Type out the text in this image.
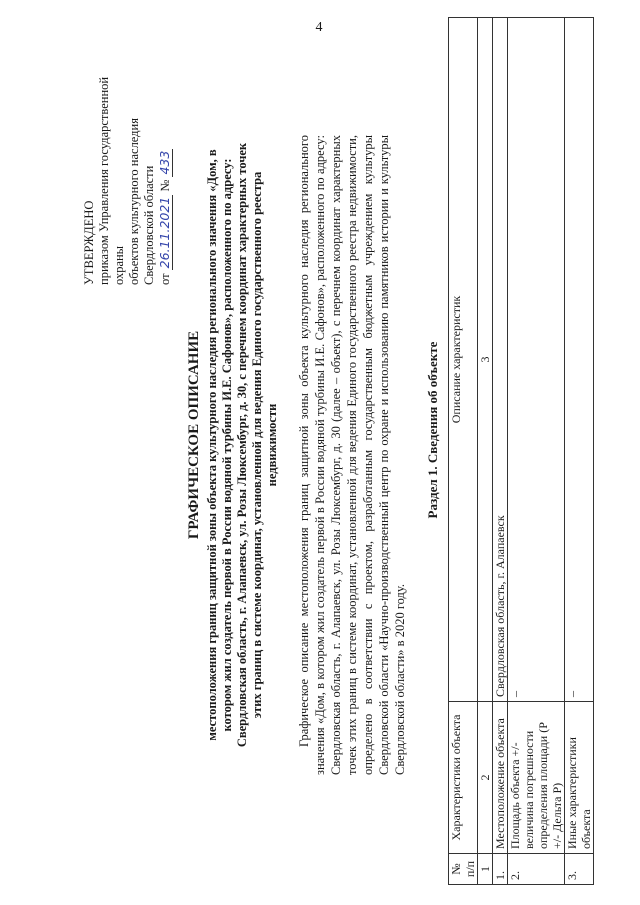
4
УТВЕРЖДЕНО приказом Управления государственной охраны объектов культурного наследия Свердловской области от 26.11.2021 № 433
ГРАФИЧЕСКОЕ ОПИСАНИЕ местоположения границ защитной зоны объекта культурного наследия регионального значения «Дом, в котором жил создатель первой в России водяной турбины И.Е. Сафонов», расположенного по адресу: Свердловская область, г. Алапаевск, ул. Розы Люксембург, д. 30, с перечнем координат характерных точек этих границ в системе координат, установленной для ведения Единого государственного реестра недвижимости Графическое описание местоположения границ защитной зоны объекта культурного наследия регионального значения «Дом, в котором жил создатель первой в России водяной турбины И.Е. Сафонов», расположенного по адресу: Свердловская область, г. Алапаевск, ул. Розы Люксембург, д. 30 (далее – объект), с перечнем координат характерных точек этих границ в системе координат, установленной для ведения Единого государственного реестра недвижимости, определено в соответствии с проектом, разработанным государственным бюджетным учреждением культуры Свердловской области «Научно-производственный центр по охране и использованию памятников истории и культуры Свердловской области» в 2020 году.
Раздел 1. Сведения об объекте
№ п/п	Характеристики объекта	Описание характеристик
1	2	3
1.	Местоположение объекта	Свердловская область, г. Алапаевск
2.	Площадь объекта +/- величина погрешности определения площади (Р +/- Дельта Р)	–
3.	Иные характеристики объекта	–
